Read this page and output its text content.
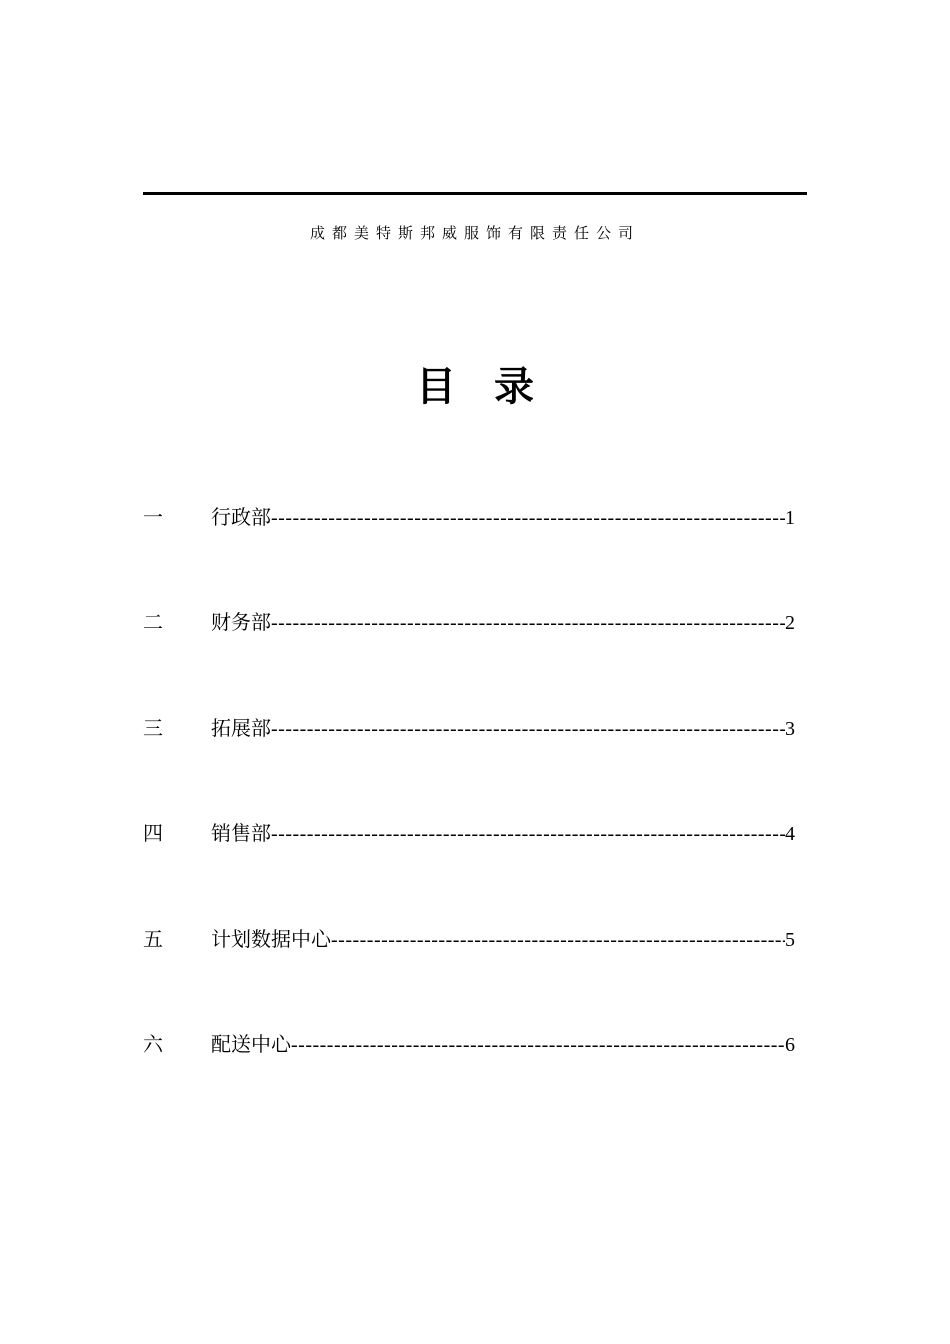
成都美特斯邦威服饰有限责任公司
目录
一	行政部 -----	1
二	财务部 -----	2
三	拓展部 -----	3
四	销售部 -----	4
五	计划数据中心 -----	5
六	配送中心 -----	6
